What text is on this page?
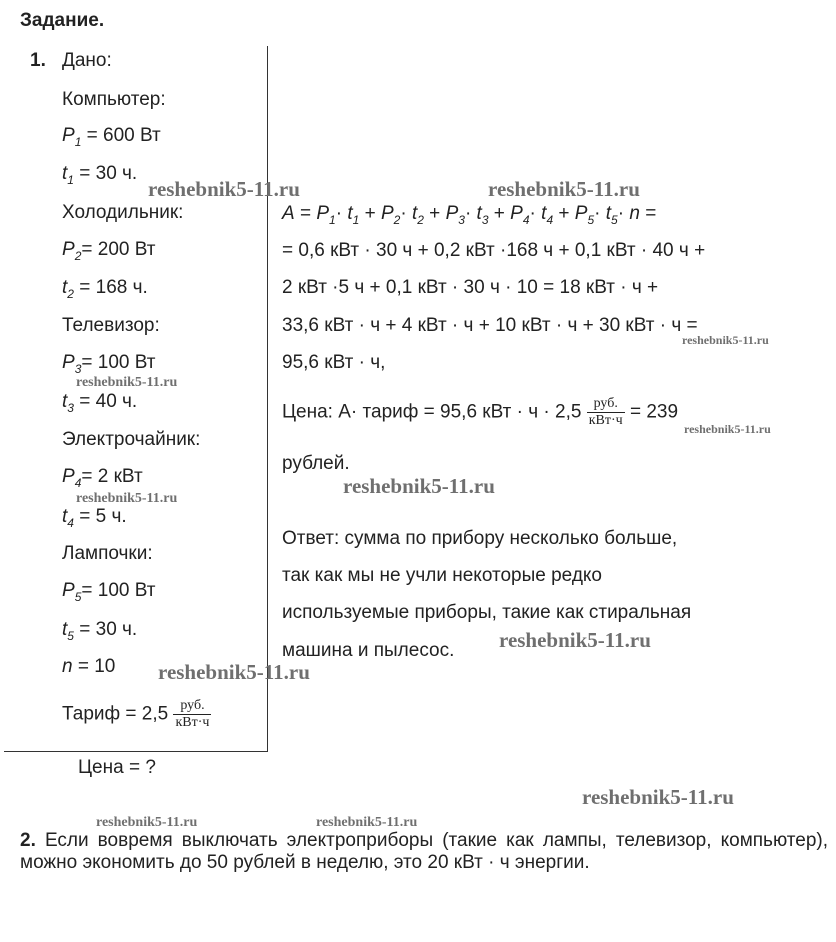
Задание.
1. Дано:
Компьютер:
$P_1 = 600$ Вт
$t_1 = 30$ ч.
Холодильник:
$P_2= 200$ Вт
$t_2 = 168$ ч.
Телевизор:
$P_3= 100$ Вт
$t_3 = 40$ ч.
Электрочайник:
$P_4= 2$ кВт
$t_4 = 5$ ч.
Лампочки:
$P_5= 100$ Вт
$t_5 = 30$ ч.
n = 10
Тариф = $2,5 \frac{\text{руб.}}{\text{кВт·ч}}$
Цена = ?
$A = P_1\cdot t_1 + P_2\cdot t_2 + P_3\cdot t_3 + P_4\cdot t_4 + P_5\cdot t_5\cdot n$ =
= 0,6 кВт · 30 ч + 0,2 кВт ·168 ч + 0,1 кВт · 40 ч +
2 кВт ·5 ч + 0,1 кВт · 30 ч · 10 = 18 кВт · ч +
33,6 кВт · ч + 4 кВт · ч + 10 кВт · ч + 30 кВт · ч =
95,6 кВт · ч,
Цена: A· тариф = 95,6 кВт · $ч \cdot 2,5 \frac{\text{руб.}}{\text{кВт·ч}} = 239$
рублей.
Ответ: сумма по прибору несколько больше,
так как мы не учли некоторые редко
используемые приборы, такие как стиральная
машина и пылесос.
2. Если вовремя выключать электроприборы (такие как лампы, телевизор, компьютер), можно экономить до 50 рублей в неделю, это 20 кВт · ч энергии.
reshebnik5-11.ru	reshebnik5-11.ru
reshebnik5-11.ru
reshebnik5-11.ru
reshebnik5-11.ru
reshebnik5-11.ru
reshebnik5-11.ru
reshebnik5-11.ru
reshebnik5-11.ru
reshebnik5-11.ru
reshebnik5-11.ru	reshebnik5-11.ru
